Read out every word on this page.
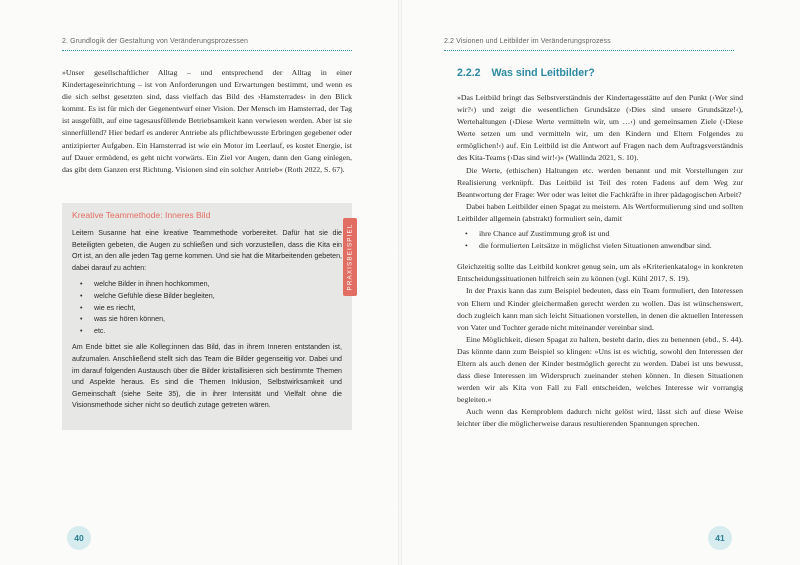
2. Grundlogik der Gestaltung von Veränderungsprozessen

»Unser gesellschaftlicher Alltag – und entsprechend der Alltag in einer Kindertageseinrichtung – ist von Anforderungen und Erwartungen bestimmt, und wenn es die sich selbst gesetzten sind, dass vielfach das Bild des ›Hamsterrades‹ in den Blick kommt. Es ist für mich der Gegenentwurf einer Vision. Der Mensch im Hamsterrad, der Tag ist ausgefüllt, auf eine tagesausfüllende Betriebsamkeit kann verwiesen werden. Aber ist sie sinnerfüllend? Hier bedarf es anderer Antriebe als pflichtbewusste Erbringen gegebener oder antizipierter Aufgaben. Ein Hamsterrad ist wie ein Motor im Leerlauf, es kostet Energie, ist auf Dauer ermüdend, es geht nicht vorwärts. Ein Ziel vor Augen, dann den Gang einlegen, das gibt dem Ganzen erst Richtung. Visionen sind ein solcher Antrieb« (Roth 2022, S. 67).

Kreative Teammethode: Inneres Bild

Leitern Susanne hat eine kreative Teammethode vorbereitet. Dafür hat sie die Beteiligten gebeten, die Augen zu schließen und sich vorzustellen, dass die Kita ein Ort ist, an den alle jeden Tag gerne kommen. Und sie hat die Mitarbeitenden gebeten, dabei darauf zu achten:

• welche Bilder in ihnen hochkommen,
• welche Gefühle diese Bilder begleiten,
• wie es riecht,
• was sie hören können,
• etc.

Am Ende bittet sie alle Kolleg:innen das Bild, das in ihrem Inneren entstanden ist, aufzumalen. Anschließend stellt sich das Team die Bilder gegenseitig vor. Dabei und im darauf folgenden Austausch über die Bilder kristallisieren sich bestimmte Themen und Aspekte heraus. Es sind die Themen Inklusion, Selbstwirksamkeit und Gemeinschaft (siehe Seite 35), die in ihrer Intensität und Vielfalt ohne die Visionsmethode sicher nicht so deutlich zutage getreten wären.

PRAXISBEISPIEL
40
2.2 Visionen und Leitbilder im Veränderungsprozess
2.2.2 Was sind Leitbilder?

»Das Leitbild bringt das Selbstverständnis der Kindertagesstätte auf den Punkt (›Wer sind wir?‹) und zeigt die wesentlichen Grundsätze (›Dies sind unsere Grundsätze!‹), Wertehaltungen (›Diese Werte vermitteln wir, um …‹) und gemeinsamen Ziele (›Diese Werte setzen um und vermitteln wir, um den Kindern und Eltern Folgendes zu ermöglichen!‹) auf. Ein Leitbild ist die Antwort auf Fragen nach dem Auftragsverständnis des Kita-Teams (›Das sind wir!‹)« (Wallinda 2021, S. 10).

Die Werte, (ethischen) Haltungen etc. werden benannt und mit Vorstellungen zur Realisierung verknüpft. Das Leitbild ist Teil des roten Fadens auf dem Weg zur Beantwortung der Frage: Wer oder was leitet die Fachkräfte in ihrer pädagogischen Arbeit?

Dabei haben Leitbilder einen Spagat zu meistern. Als Wertformulierung sind und sollten Leitbilder allgemein (abstrakt) formuliert sein, damit

• ihre Chance auf Zustimmung groß ist und
• die formulierten Leitsätze in möglichst vielen Situationen anwendbar sind.

Gleichzeitig sollte das Leitbild konkret genug sein, um als »Kriterienkatalog« in konkreten Entscheidungssituationen hilfreich sein zu können (vgl. Kühl 2017, S. 19).

In der Praxis kann das zum Beispiel bedeuten, dass ein Team formuliert, den Interessen von Eltern und Kinder gleichermaßen gerecht werden zu wollen. Das ist wünschenswert, doch zugleich kann man sich leicht Situationen vorstellen, in denen die aktuellen Interessen von Vater und Tochter gerade nicht miteinander vereinbar sind.

Eine Möglichkeit, diesen Spagat zu halten, besteht darin, dies zu benennen (ebd., S. 44). Das könnte dann zum Beispiel so klingen: »Uns ist es wichtig, sowohl den Interessen der Eltern als auch denen der Kinder bestmöglich gerecht zu werden. Dabei ist uns bewusst, dass diese Interessen im Widerspruch zueinander stehen können. In diesen Situationen werden wir als Kita von Fall zu Fall entscheiden, welches Interesse wir vorrangig begleiten.«

Auch wenn das Kernproblem dadurch nicht gelöst wird, lässt sich auf diese Weise leichter über die möglicherweise daraus resultierenden Spannungen sprechen.

41
